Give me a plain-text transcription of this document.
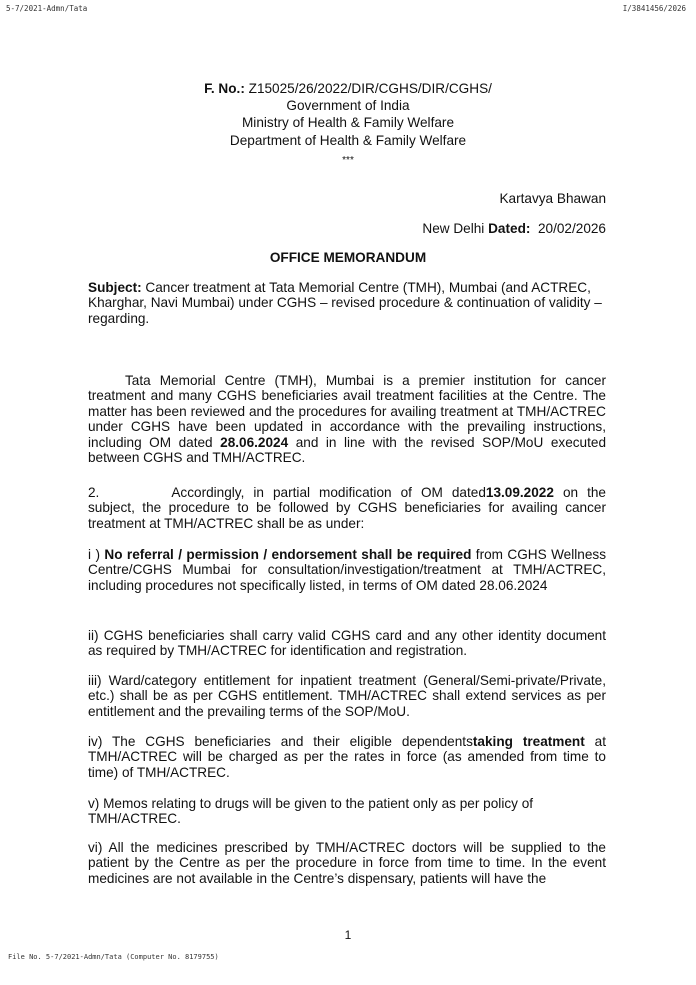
5-7/2021-Admn/Tata	I/3841456/2026
F. No.: Z15025/26/2022/DIR/CGHS/DIR/CGHS/
Government of India
Ministry of Health & Family Welfare
Department of Health & Family Welfare
***
Kartavya Bhawan
New Delhi Dated:  20/02/2026
OFFICE MEMORANDUM
Subject: Cancer treatment at Tata Memorial Centre (TMH), Mumbai (and ACTREC, Kharghar, Navi Mumbai) under CGHS – revised procedure & continuation of validity – regarding.
Tata Memorial Centre (TMH), Mumbai is a premier institution for cancer treatment and many CGHS beneficiaries avail treatment facilities at the Centre. The matter has been reviewed and the procedures for availing treatment at TMH/ACTREC under CGHS have been updated in accordance with the prevailing instructions, including OM dated 28.06.2024 and in line with the revised SOP/MoU executed between CGHS and TMH/ACTREC.
2.	Accordingly, in partial modification of OM dated13.09.2022 on the subject, the procedure to be followed by CGHS beneficiaries for availing cancer treatment at TMH/ACTREC shall be as under:
i ) No referral / permission / endorsement shall be required from CGHS Wellness Centre/CGHS Mumbai for consultation/investigation/treatment at TMH/ACTREC, including procedures not specifically listed, in terms of OM dated 28.06.2024
ii) CGHS beneficiaries shall carry valid CGHS card and any other identity document as required by TMH/ACTREC for identification and registration.
iii) Ward/category entitlement for inpatient treatment (General/Semi-private/Private, etc.) shall be as per CGHS entitlement. TMH/ACTREC shall extend services as per entitlement and the prevailing terms of the SOP/MoU.
iv) The CGHS beneficiaries and their eligible dependentstaking treatment at TMH/ACTREC will be charged as per the rates in force (as amended from time to time) of TMH/ACTREC.
v) Memos relating to drugs will be given to the patient only as per policy of TMH/ACTREC.
vi) All the medicines prescribed by TMH/ACTREC doctors will be supplied to the patient by the Centre as per the procedure in force from time to time. In the event medicines are not available in the Centre’s dispensary, patients will have the
1
File No. 5-7/2021-Admn/Tata (Computer No. 8179755)
